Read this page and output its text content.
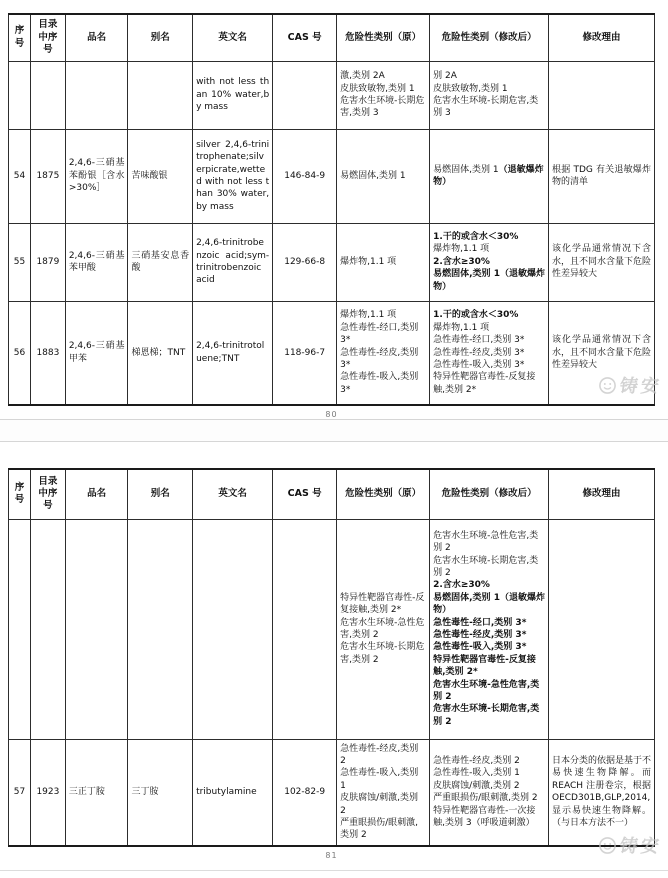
序号	目录中序号	品名	别名	英文名	CAS 号	危险性类别（原）	危险性类别（修改后）	修改理由
				with not less than 10% water,by mass		激,类别 2A
皮肤致敏物,类别 1
危害水生环境-长期危害,类别 3	别 2A
皮肤致敏物,类别 1
危害水生环境-长期危害,类别 3	
54	1875	2,4,6-三硝基苯酚银［含水>30%］	苦味酸银	silver 2,4,6-trinitrophenate;silverpicrate,wetted with not less than 30% water,by mass	146-84-9	易燃固体,类别 1	易燃固体,类别 1（退敏爆炸物）	根据 TDG 有关退敏爆炸物的清单
55	1879	2,4,6-三硝基苯甲酸	三硝基安息香酸	2,4,6-trinitrobenzoic acid;sym-trinitrobenzoic acid	129-66-8	爆炸物,1.1 项	1.干的或含水＜30%
爆炸物,1.1 项
2.含水≥30%
易燃固体,类别 1（退敏爆炸物）	该化学品通常情况下含水，且不同水含量下危险性差异较大
56	1883	2,4,6-三硝基甲苯	梯恩梯；TNT	2,4,6-trinitrotoluene;TNT	118-96-7	爆炸物,1.1 项
急性毒性-经口,类别 3*
急性毒性-经皮,类别 3*
急性毒性-吸入,类别 3*	1.干的或含水＜30%
爆炸物,1.1 项
急性毒性-经口,类别 3*
急性毒性-经皮,类别 3*
急性毒性-吸入,类别 3*
特异性靶器官毒性-反复接触,类别 2*	该化学品通常情况下含水，且不同水含量下危险性差异较大
80
铸安
序号	目录中序号	品名	别名	英文名	CAS 号	危险性类别（原）	危险性类别（修改后）	修改理由
						特异性靶器官毒性-反复接触,类别 2*
危害水生环境-急性危害,类别 2
危害水生环境-长期危害,类别 2	危害水生环境-急性危害,类别 2
危害水生环境-长期危害,类别 2
2.含水≥30%
易燃固体,类别 1（退敏爆炸物）
急性毒性-经口,类别 3*
急性毒性-经皮,类别 3*
急性毒性-吸入,类别 3*
特异性靶器官毒性-反复接触,类别 2*
危害水生环境-急性危害,类别 2
危害水生环境-长期危害,类别 2	
57	1923	三正丁胺	三丁胺	tributylamine	102-82-9	急性毒性-经皮,类别 2
急性毒性-吸入,类别 1
皮肤腐蚀/刺激,类别 2
严重眼损伤/眼刺激,类别 2	急性毒性-经皮,类别 2
急性毒性-吸入,类别 1
皮肤腐蚀/刺激,类别 2
严重眼损伤/眼刺激,类别 2
特异性靶器官毒性-一次接触,类别 3（呼吸道刺激）	日本分类的依据是基于不易快速生物降解。而 REACH 注册卷宗，根据 OECD301B,GLP,2014, 显示易快速生物降解。（与日本方法不一）
81	铸安
